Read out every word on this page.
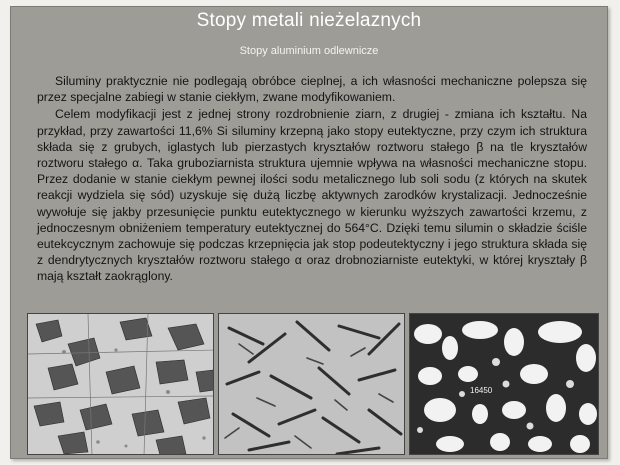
Stopy metali nieżelaznych
Stopy aluminium odlewnicze

Siluminy praktycznie nie podlegają obróbce cieplnej, a ich własności mechaniczne polepsza się przez specjalne zabiegi w stanie ciekłym, zwane modyfikowaniem.

Celem modyfikacji jest z jednej strony rozdrobnienie ziarn, z drugiej - zmiana ich kształtu. Na przykład, przy zawartości 11,6% Si siluminy krzepną jako stopy eutektyczne, przy czym ich struktura składa się z grubych, iglastych lub pierzastych kryształów roztworu stałego β na tle kryształów roztworu stałego α. Taka gruboziarnista struktura ujemnie wpływa na własności mechaniczne stopu. Przez dodanie w stanie ciekłym pewnej ilości sodu metalicznego lub soli sodu (z których na skutek reakcji wydziela się sód) uzyskuje się dużą liczbę aktywnych zarodków krystalizacji. Jednocześnie wywołuje się jakby przesunięcie punktu eutektycznego w kierunku wyższych zawartości krzemu, z jednoczesnym obniżeniem temperatury eutektycznej do 564°C. Dzięki temu silumin o składzie ściśle eutekcycznym zachowuje się podczas krzepnięcia jak stop podeutektyczny i jego struktura składa się z dendrytycznych kryształów roztworu stałego α oraz drobnoziarniste eutektyki, w której kryształy β mają kształt zaokrąglony.

16450
